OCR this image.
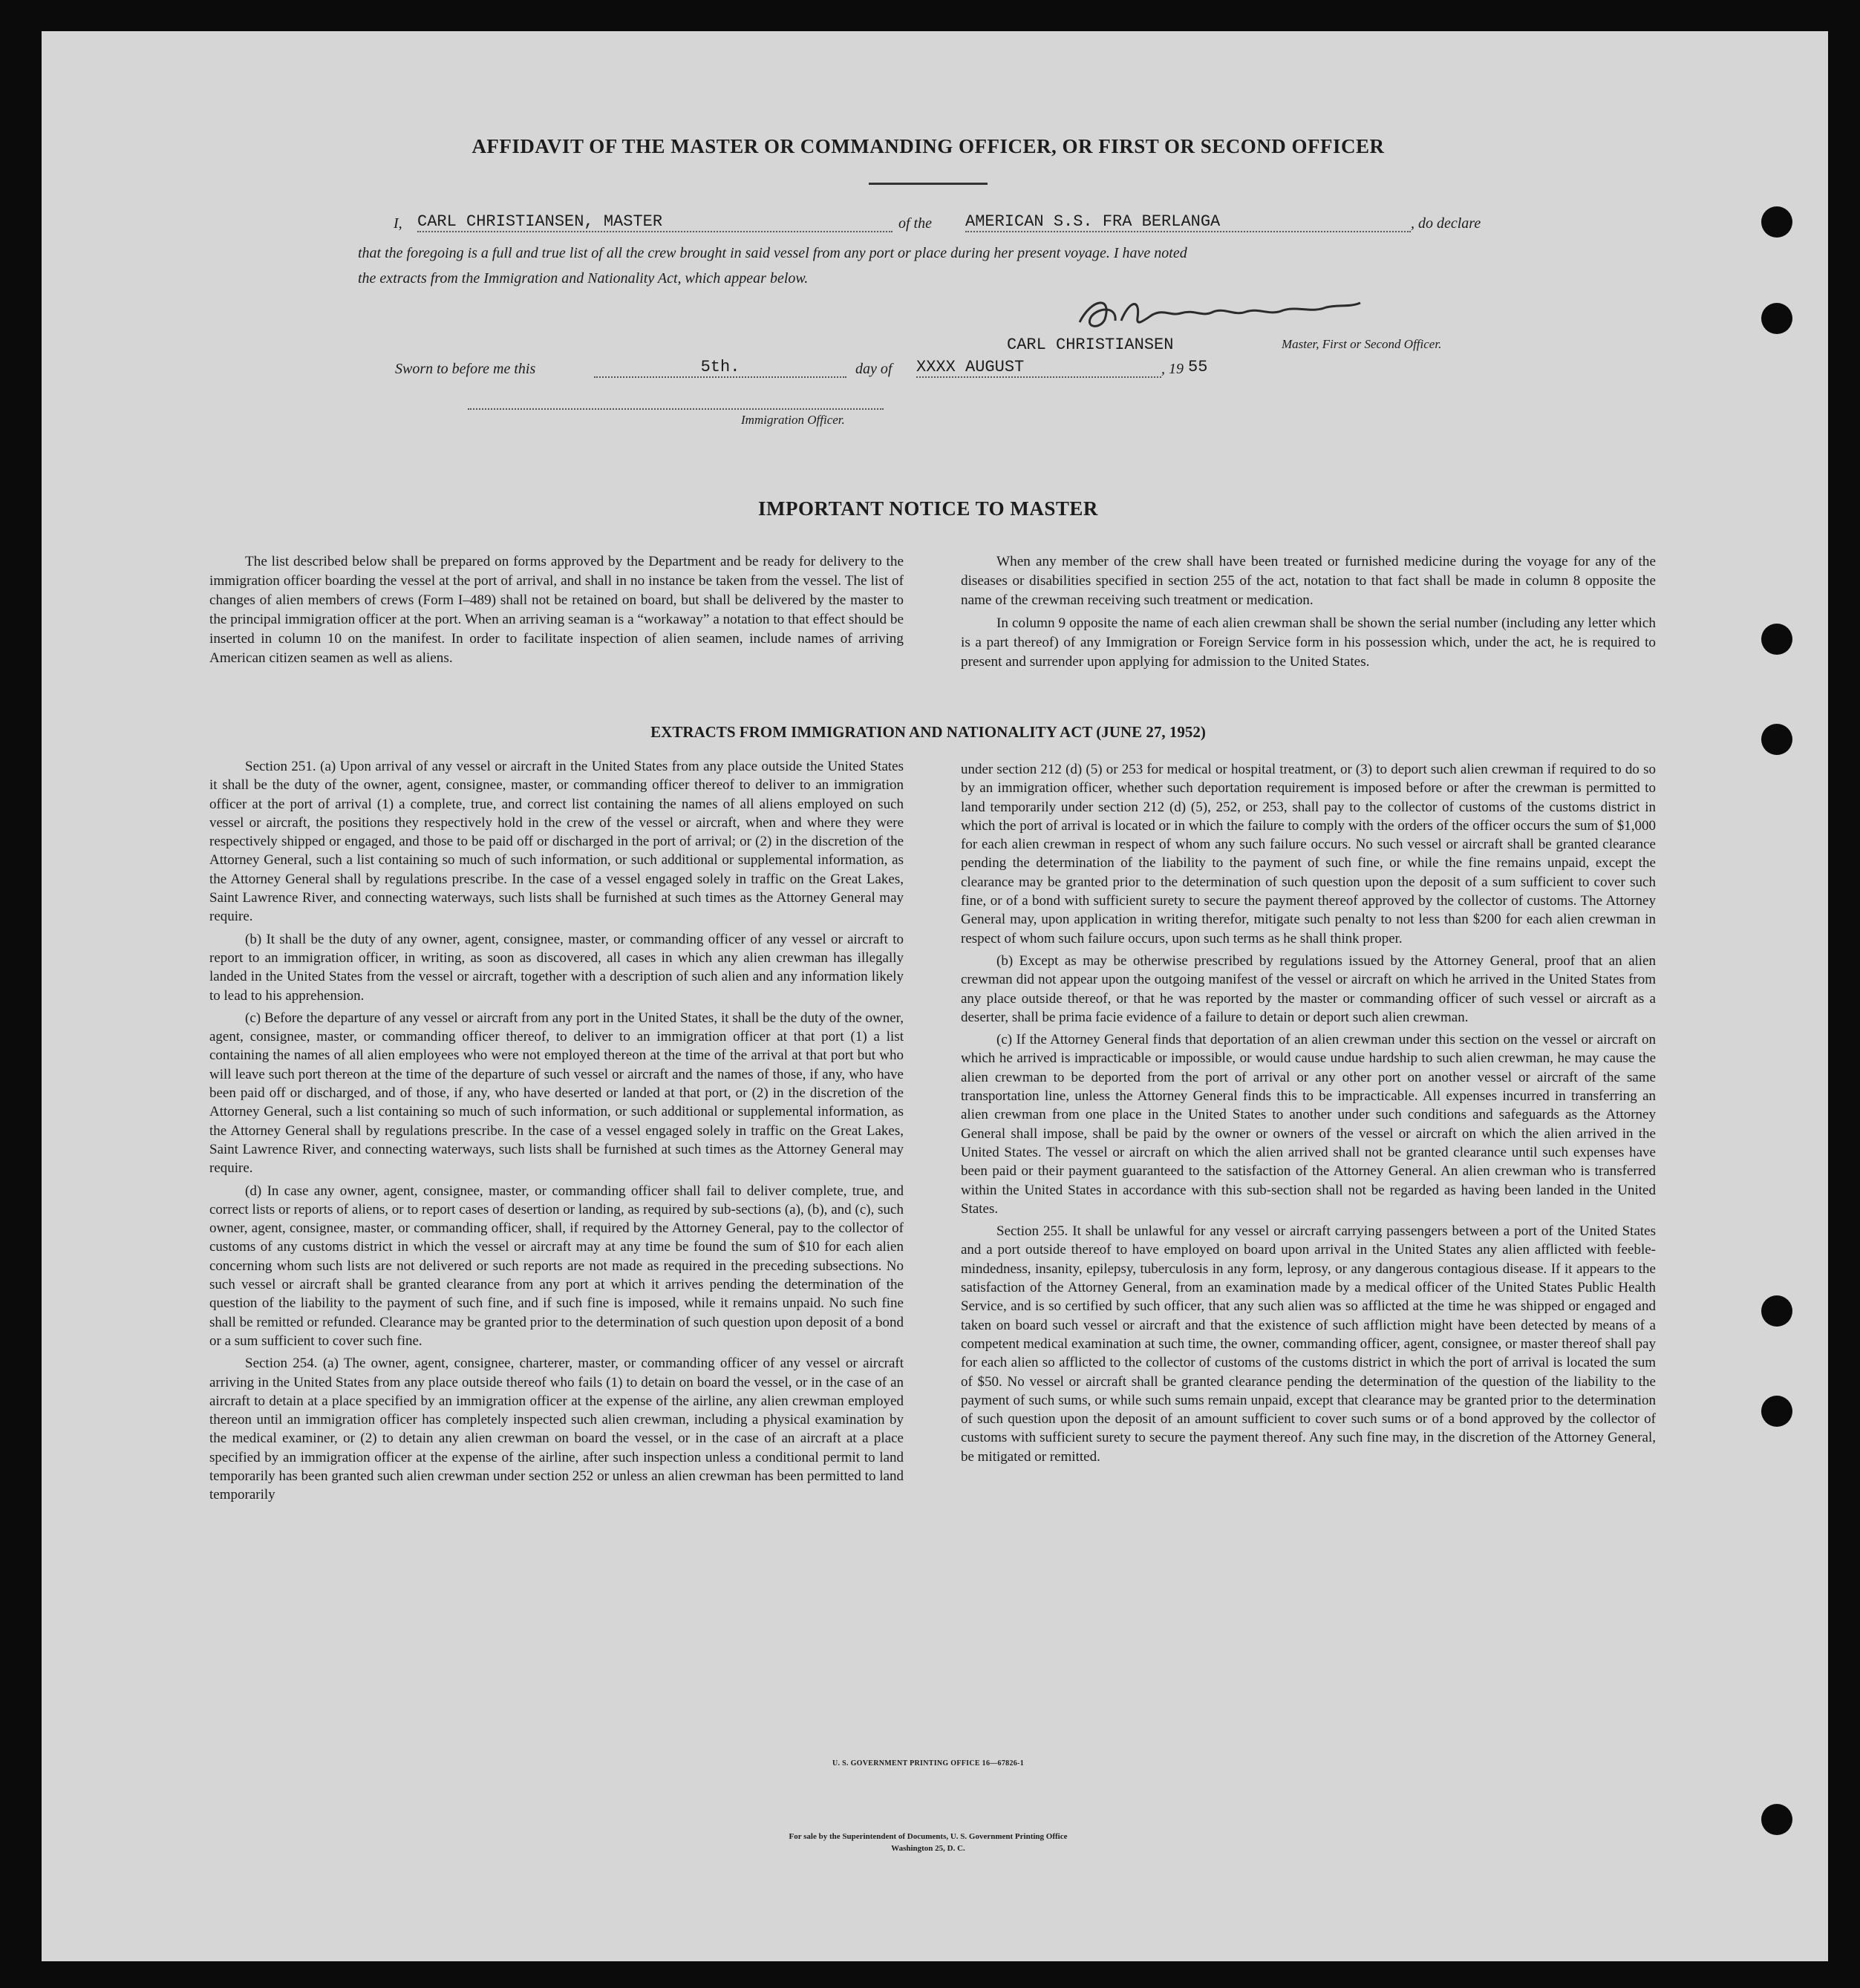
AFFIDAVIT OF THE MASTER OR COMMANDING OFFICER, OR FIRST OR SECOND OFFICER
I, CARL CHRISTIANSEN, MASTER	of the AMERICAN S.S. FRA BERLANGA	, do declare
that the foregoing is a full and true list of all the crew brought in said vessel from any port or place during her present voyage. I have noted
the extracts from the Immigration and Nationality Act, which appear below.
CARL CHRISTIANSEN	Master, First or Second Officer.
Sworn to before me this	5th.	day of XXXX AUGUST	, 19 55
Immigration Officer.
IMPORTANT NOTICE TO MASTER

The list described below shall be prepared on forms approved by the Department and be ready for delivery to the immigration officer boarding the vessel at the port of arrival, and shall in no instance be taken from the vessel. The list of changes of alien members of crews (Form I–489) shall not be retained on board, but shall be delivered by the master to the principal immigration officer at the port. When an arriving seaman is a “workaway” a notation to that effect should be inserted in column 10 on the manifest. In order to facilitate inspection of alien seamen, include names of arriving American citizen seamen as well as aliens.

When any member of the crew shall have been treated or furnished medicine during the voyage for any of the diseases or disabilities specified in section 255 of the act, notation to that fact shall be made in column 8 opposite the name of the crewman receiving such treatment or medication.

In column 9 opposite the name of each alien crewman shall be shown the serial number (including any letter which is a part thereof) of any Immigration or Foreign Service form in his possession which, under the act, he is required to present and surrender upon applying for admission to the United States.

EXTRACTS FROM IMMIGRATION AND NATIONALITY ACT (JUNE 27, 1952)

Section 251. (a) Upon arrival of any vessel or aircraft in the United States from any place outside the United States it shall be the duty of the owner, agent, consignee, master, or commanding officer thereof to deliver to an immigration officer at the port of arrival (1) a complete, true, and correct list containing the names of all aliens employed on such vessel or aircraft, the positions they respectively hold in the crew of the vessel or aircraft, when and where they were respectively shipped or engaged, and those to be paid off or discharged in the port of arrival; or (2) in the discretion of the Attorney General, such a list containing so much of such information, or such additional or supplemental information, as the Attorney General shall by regulations prescribe. In the case of a vessel engaged solely in traffic on the Great Lakes, Saint Lawrence River, and connecting waterways, such lists shall be furnished at such times as the Attorney General may require.

(b) It shall be the duty of any owner, agent, consignee, master, or commanding officer of any vessel or aircraft to report to an immigration officer, in writing, as soon as discovered, all cases in which any alien crewman has illegally landed in the United States from the vessel or aircraft, together with a description of such alien and any information likely to lead to his apprehension.

(c) Before the departure of any vessel or aircraft from any port in the United States, it shall be the duty of the owner, agent, consignee, master, or commanding officer thereof, to deliver to an immigration officer at that port (1) a list containing the names of all alien employees who were not employed thereon at the time of the arrival at that port but who will leave such port thereon at the time of the departure of such vessel or aircraft and the names of those, if any, who have been paid off or discharged, and of those, if any, who have deserted or landed at that port, or (2) in the discretion of the Attorney General, such a list containing so much of such information, or such additional or supplemental information, as the Attorney General shall by regulations prescribe. In the case of a vessel engaged solely in traffic on the Great Lakes, Saint Lawrence River, and connecting waterways, such lists shall be furnished at such times as the Attorney General may require.

(d) In case any owner, agent, consignee, master, or commanding officer shall fail to deliver complete, true, and correct lists or reports of aliens, or to report cases of desertion or landing, as required by sub-sections (a), (b), and (c), such owner, agent, consignee, master, or commanding officer, shall, if required by the Attorney General, pay to the collector of customs of any customs district in which the vessel or aircraft may at any time be found the sum of $10 for each alien concerning whom such lists are not delivered or such reports are not made as required in the preceding subsections. No such vessel or aircraft shall be granted clearance from any port at which it arrives pending the determination of the question of the liability to the payment of such fine, and if such fine is imposed, while it remains unpaid. No such fine shall be remitted or refunded. Clearance may be granted prior to the determination of such question upon deposit of a bond or a sum sufficient to cover such fine.

Section 254. (a) The owner, agent, consignee, charterer, master, or commanding officer of any vessel or aircraft arriving in the United States from any place outside thereof who fails (1) to detain on board the vessel, or in the case of an aircraft to detain at a place specified by an immigration officer at the expense of the airline, any alien crewman employed thereon until an immigration officer has completely inspected such alien crewman, including a physical examination by the medical examiner, or (2) to detain any alien crewman on board the vessel, or in the case of an aircraft at a place specified by an immigration officer at the expense of the airline, after such inspection unless a conditional permit to land temporarily has been granted such alien crewman under section 252 or unless an alien crewman has been permitted to land temporarily

under section 212 (d) (5) or 253 for medical or hospital treatment, or (3) to deport such alien crewman if required to do so by an immigration officer, whether such deportation requirement is imposed before or after the crewman is permitted to land temporarily under section 212 (d) (5), 252, or 253, shall pay to the collector of customs of the customs district in which the port of arrival is located or in which the failure to comply with the orders of the officer occurs the sum of $1,000 for each alien crewman in respect of whom any such failure occurs. No such vessel or aircraft shall be granted clearance pending the determination of the liability to the payment of such fine, or while the fine remains unpaid, except the clearance may be granted prior to the determination of such question upon the deposit of a sum sufficient to cover such fine, or of a bond with sufficient surety to secure the payment thereof approved by the collector of customs. The Attorney General may, upon application in writing therefor, mitigate such penalty to not less than $200 for each alien crewman in respect of whom such failure occurs, upon such terms as he shall think proper.

(b) Except as may be otherwise prescribed by regulations issued by the Attorney General, proof that an alien crewman did not appear upon the outgoing manifest of the vessel or aircraft on which he arrived in the United States from any place outside thereof, or that he was reported by the master or commanding officer of such vessel or aircraft as a deserter, shall be prima facie evidence of a failure to detain or deport such alien crewman.

(c) If the Attorney General finds that deportation of an alien crewman under this section on the vessel or aircraft on which he arrived is impracticable or impossible, or would cause undue hardship to such alien crewman, he may cause the alien crewman to be deported from the port of arrival or any other port on another vessel or aircraft of the same transportation line, unless the Attorney General finds this to be impracticable. All expenses incurred in transferring an alien crewman from one place in the United States to another under such conditions and safeguards as the Attorney General shall impose, shall be paid by the owner or owners of the vessel or aircraft on which the alien arrived in the United States. The vessel or aircraft on which the alien arrived shall not be granted clearance until such expenses have been paid or their payment guaranteed to the satisfaction of the Attorney General. An alien crewman who is transferred within the United States in accordance with this sub-section shall not be regarded as having been landed in the United States.

Section 255. It shall be unlawful for any vessel or aircraft carrying passengers between a port of the United States and a port outside thereof to have employed on board upon arrival in the United States any alien afflicted with feeble-mindedness, insanity, epilepsy, tuberculosis in any form, leprosy, or any dangerous contagious disease. If it appears to the satisfaction of the Attorney General, from an examination made by a medical officer of the United States Public Health Service, and is so certified by such officer, that any such alien was so afflicted at the time he was shipped or engaged and taken on board such vessel or aircraft and that the existence of such affliction might have been detected by means of a competent medical examination at such time, the owner, commanding officer, agent, consignee, or master thereof shall pay for each alien so afflicted to the collector of customs of the customs district in which the port of arrival is located the sum of $50. No vessel or aircraft shall be granted clearance pending the determination of the question of the liability to the payment of such sums, or while such sums remain unpaid, except that clearance may be granted prior to the determination of such question upon the deposit of an amount sufficient to cover such sums or of a bond approved by the collector of customs with sufficient surety to secure the payment thereof. Any such fine may, in the discretion of the Attorney General, be mitigated or remitted.

U. S. GOVERNMENT PRINTING OFFICE 16—67826-1
For sale by the Superintendent of Documents, U. S. Government Printing Office
Washington 25, D. C.
